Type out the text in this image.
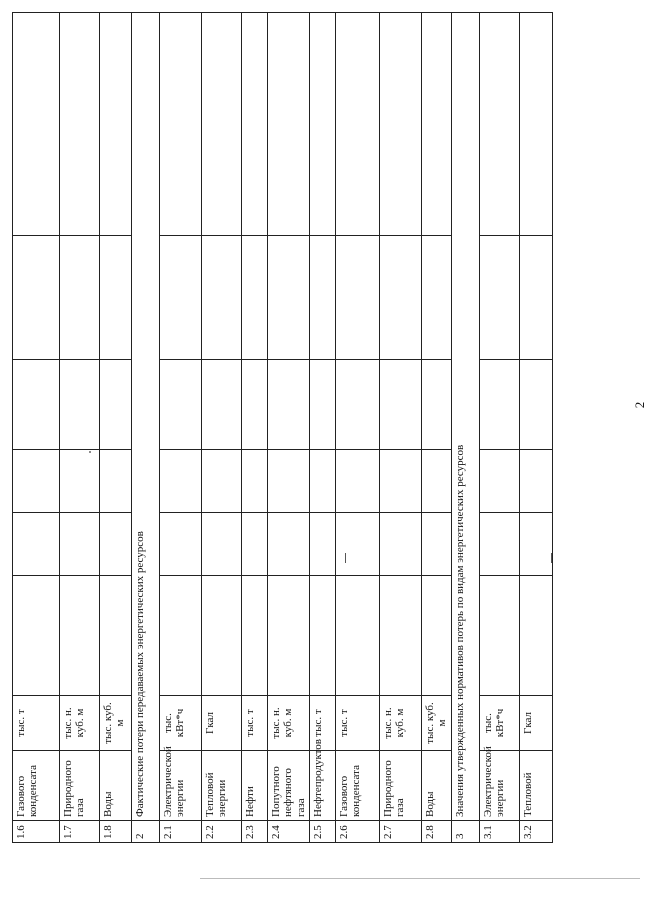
2
1.6	Газового конденсата	тыс. т						
1.7	Природного газа	тыс. н. куб. м						
1.8	Воды	тыс. куб. м						
2	Фактические потери передаваемых энергетических ресурсов							
2.1	Электрической энергии	тыс. кВт*ч						
2.2	Тепловой энергии	Гкал						
2.3	Нефти	тыс. т						
2.4	Попутного нефтяного газа	тыс. н. куб. м						
2.5	Нефтепродуктов	тыс. т						
2.6	Газового конденсата	тыс. т						
2.7	Природного газа	тыс. н. куб. м						
2.8	Воды	тыс. куб. м						
3	Значения утвержденных нормативов потерь по видам энергетических ресурсов							
3.1	Электрической энергии	тыс. кВт*ч						
3.2	Тепловой	Гкал						
